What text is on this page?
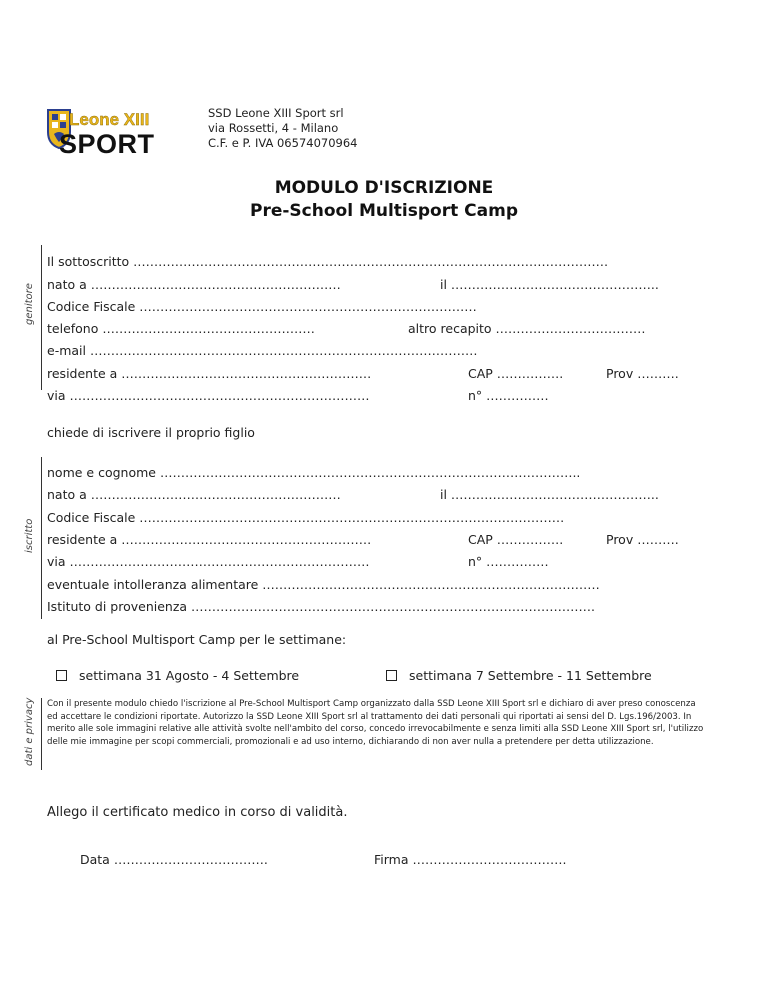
Leone XIII
SPORT
SSD Leone XIII Sport srl
via Rossetti, 4 - Milano
C.F. e P. IVA 06574070964
MODULO D'ISCRIZIONE
Pre-School Multisport Camp
genitore
Il sottoscritto ……………………………………………………………………………………………………
nato a ……………………………………………………	il …………………………………………..
Codice Fiscale ………………………………………………………………………
telefono ……………………………………………	altro recapito ………………………………
e-mail …………………………………………………………………………………
residente a ……………………………………………………	CAP …………….	Prov ……….
via ………………………………………………………………	n° ……………
chiede di iscrivere il proprio figlio
iscritto
nome e cognome ………………………………………………………………………………………..
nato a ……………………………………………………	il …………………………………………..
Codice Fiscale …………………………………………………………………………………………
residente a ……………………………………………………	CAP …………….	Prov ……….
via ………………………………………………………………	n° ……………
eventuale intolleranza alimentare ………………………………………………………………………
Istituto di provenienza …………………………………………………………………………………….
al Pre-School Multisport Camp per le settimane:
settimana 31 Agosto - 4 Settembre	settimana 7 Settembre - 11 Settembre
dati e privacy Con il presente modulo chiedo l'iscrizione al Pre-School Multisport Camp organizzato dalla SSD Leone XIII Sport srl e dichiaro di aver preso conoscenza ed accettare le condizioni riportate. Autorizzo la SSD Leone XIII Sport srl al trattamento dei dati personali qui riportati ai sensi del D. Lgs.196/2003. In merito alle sole immagini relative alle attività svolte nell'ambito del corso, concedo irrevocabilmente e senza limiti alla SSD Leone XIII Sport srl, l'utilizzo delle mie immagine per scopi commerciali, promozionali e ad uso interno, dichiarando di non aver nulla a pretendere per detta utilizzazione.
Allego il certificato medico in corso di validità.
Data ……………………………….	Firma ……………………………….
